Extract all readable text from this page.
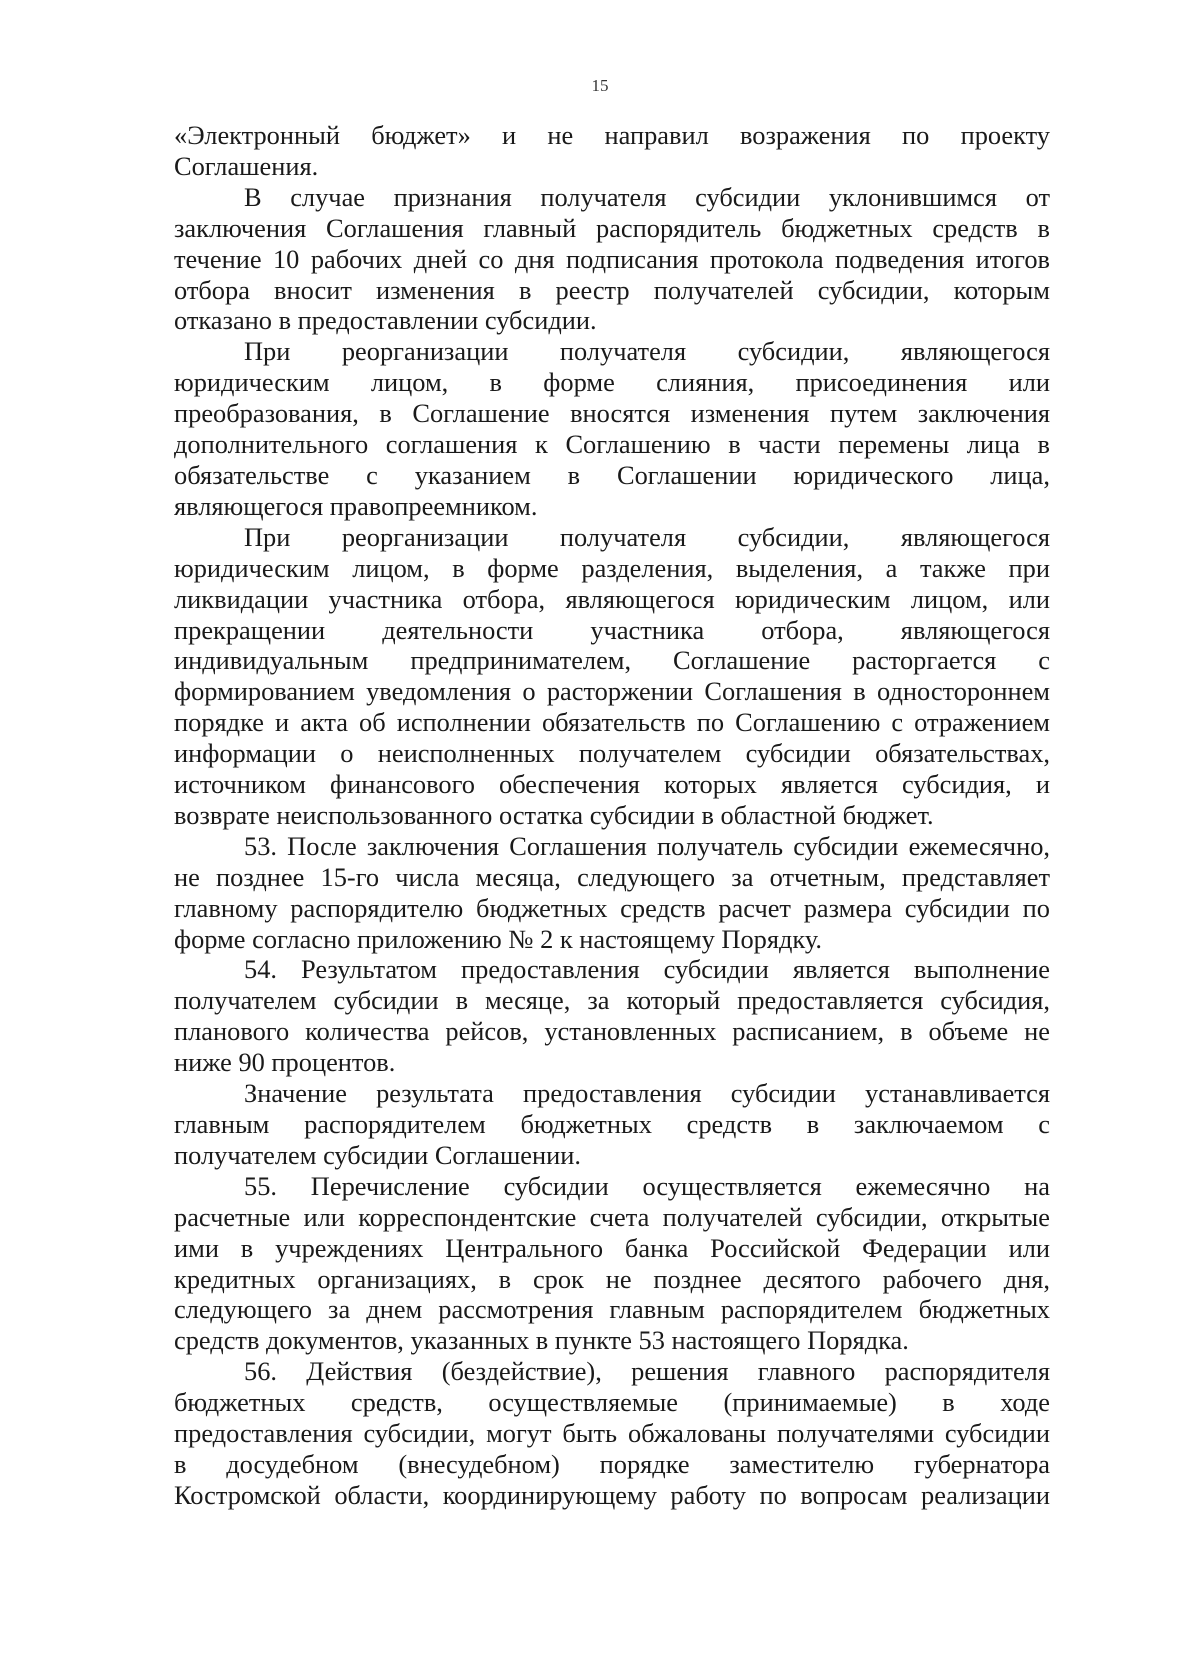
15
«Электронный бюджет» и не направил возражения по проекту
Соглашения.
В случае признания получателя субсидии уклонившимся от
заключения Соглашения главный распорядитель бюджетных средств в
течение 10 рабочих дней со дня подписания протокола подведения итогов
отбора вносит изменения в реестр получателей субсидии, которым
отказано в предоставлении субсидии.
При реорганизации получателя субсидии, являющегося
юридическим лицом, в форме слияния, присоединения или
преобразования, в Соглашение вносятся изменения путем заключения
дополнительного соглашения к Соглашению в части перемены лица в
обязательстве с указанием в Соглашении юридического лица,
являющегося правопреемником.
При реорганизации получателя субсидии, являющегося
юридическим лицом, в форме разделения, выделения, а также при
ликвидации участника отбора, являющегося юридическим лицом, или
прекращении деятельности участника отбора, являющегося
индивидуальным предпринимателем, Соглашение расторгается с
формированием уведомления о расторжении Соглашения в одностороннем
порядке и акта об исполнении обязательств по Соглашению с отражением
информации о неисполненных получателем субсидии обязательствах,
источником финансового обеспечения которых является субсидия, и
возврате неиспользованного остатка субсидии в областной бюджет.
53. После заключения Соглашения получатель субсидии ежемесячно,
не позднее 15-го числа месяца, следующего за отчетным, представляет
главному распорядителю бюджетных средств расчет размера субсидии по
форме согласно приложению № 2 к настоящему Порядку.
54. Результатом предоставления субсидии является выполнение
получателем субсидии в месяце, за который предоставляется субсидия,
планового количества рейсов, установленных расписанием, в объеме не
ниже 90 процентов.
Значение результата предоставления субсидии устанавливается
главным распорядителем бюджетных средств в заключаемом с
получателем субсидии Соглашении.
55. Перечисление субсидии осуществляется ежемесячно на
расчетные или корреспондентские счета получателей субсидии, открытые
ими в учреждениях Центрального банка Российской Федерации или
кредитных организациях, в срок не позднее десятого рабочего дня,
следующего за днем рассмотрения главным распорядителем бюджетных
средств документов, указанных в пункте 53 настоящего Порядка.
56. Действия (бездействие), решения главного распорядителя
бюджетных средств, осуществляемые (принимаемые) в ходе
предоставления субсидии, могут быть обжалованы получателями субсидии
в досудебном (внесудебном) порядке заместителю губернатора
Костромской области, координирующему работу по вопросам реализации
